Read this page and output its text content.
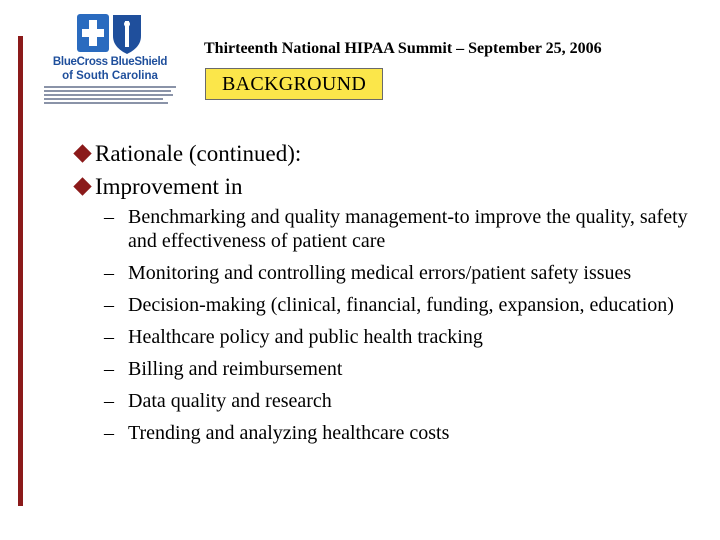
BlueCross BlueShield
of South Carolina
Thirteenth National HIPAA Summit – September 25, 2006
BACKGROUND
Rationale (continued):
Improvement in
– Benchmarking and quality management-to improve the quality, safety and effectiveness of patient care
– Monitoring and controlling medical errors/patient safety issues
– Decision-making (clinical, financial, funding, expansion, education)
– Healthcare policy and public health tracking
– Billing and reimbursement
– Data quality and research
– Trending and analyzing healthcare costs
